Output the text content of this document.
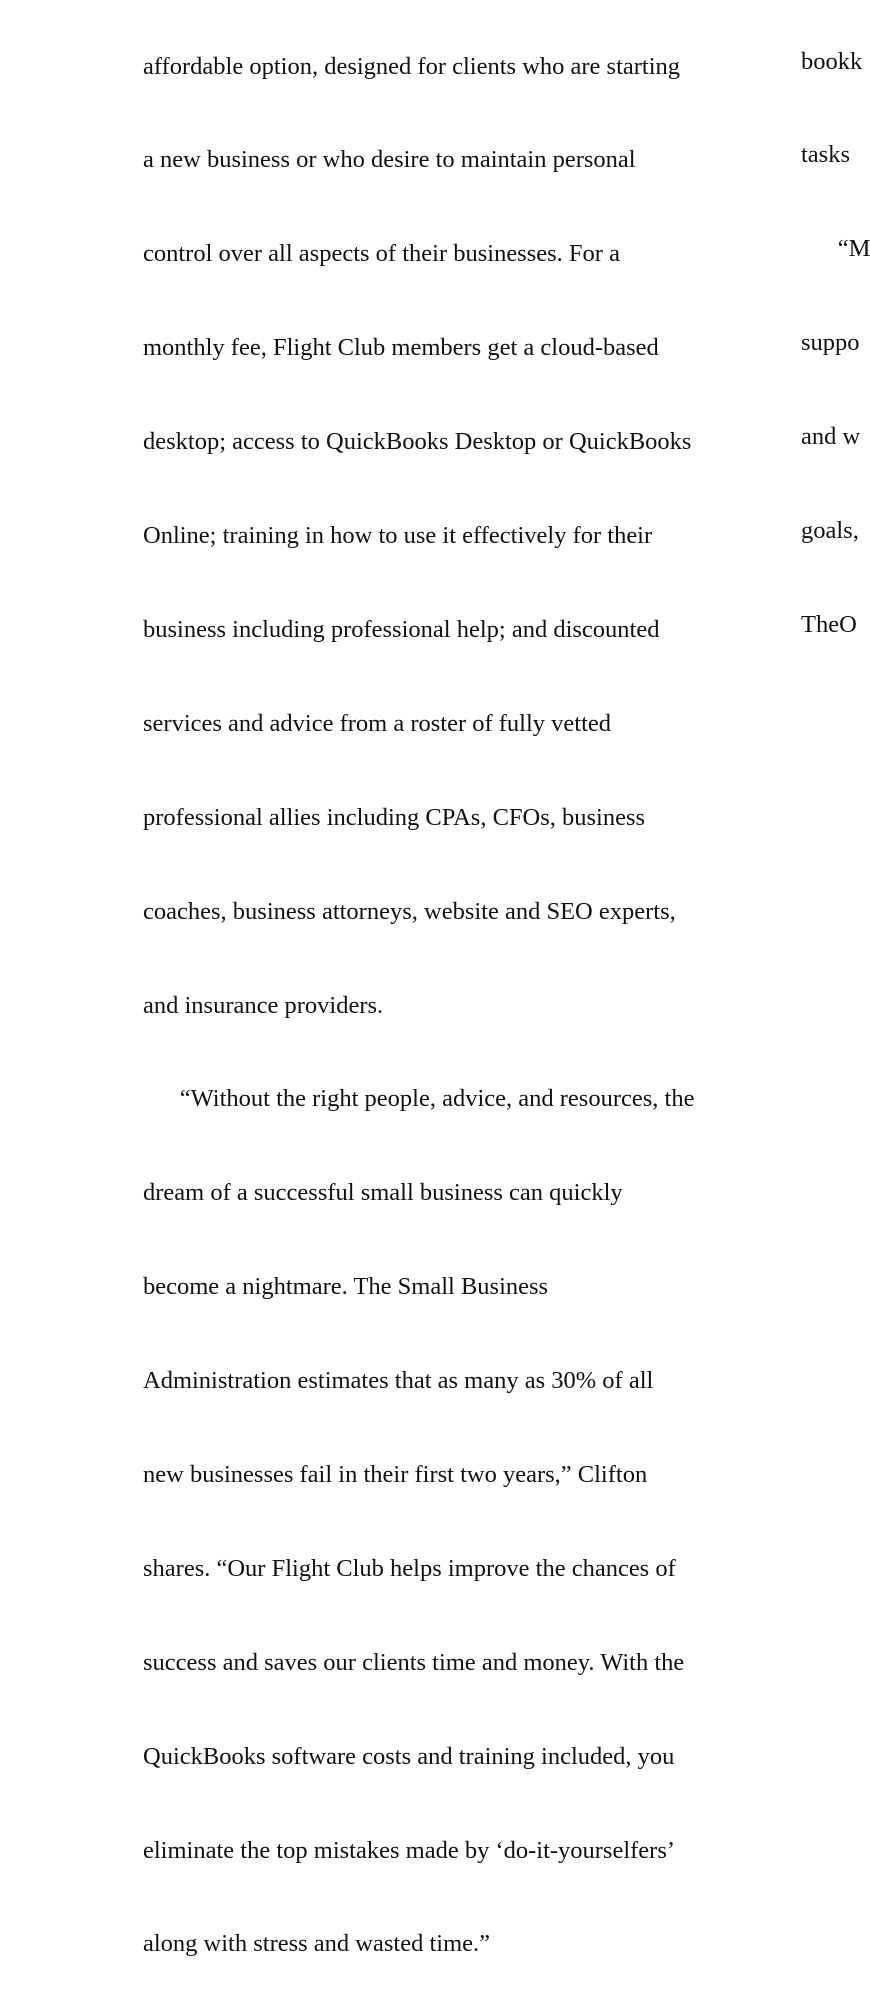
affordable option, designed for clients who are starting

a new business or who desire to maintain personal

control over all aspects of their businesses. For a

monthly fee, Flight Club members get a cloud-based

desktop; access to QuickBooks Desktop or QuickBooks

Online; training in how to use it effectively for their

business including professional help; and discounted

services and advice from a roster of fully vetted

professional allies including CPAs, CFOs, business

coaches, business attorneys, website and SEO experts,

and insurance providers.

“Without the right people, advice, and resources, the

dream of a successful small business can quickly

become a nightmare. The Small Business

Administration estimates that as many as 30% of all

new businesses fail in their first two years,” Clifton

shares. “Our Flight Club helps improve the chances of

success and saves our clients time and money. With the

QuickBooks software costs and training included, you

eliminate the top mistakes made by ‘do-it-yourselfers’

along with stress and wasted time.”

bookk

tasks

“M

suppo

and w

goals,

TheO
